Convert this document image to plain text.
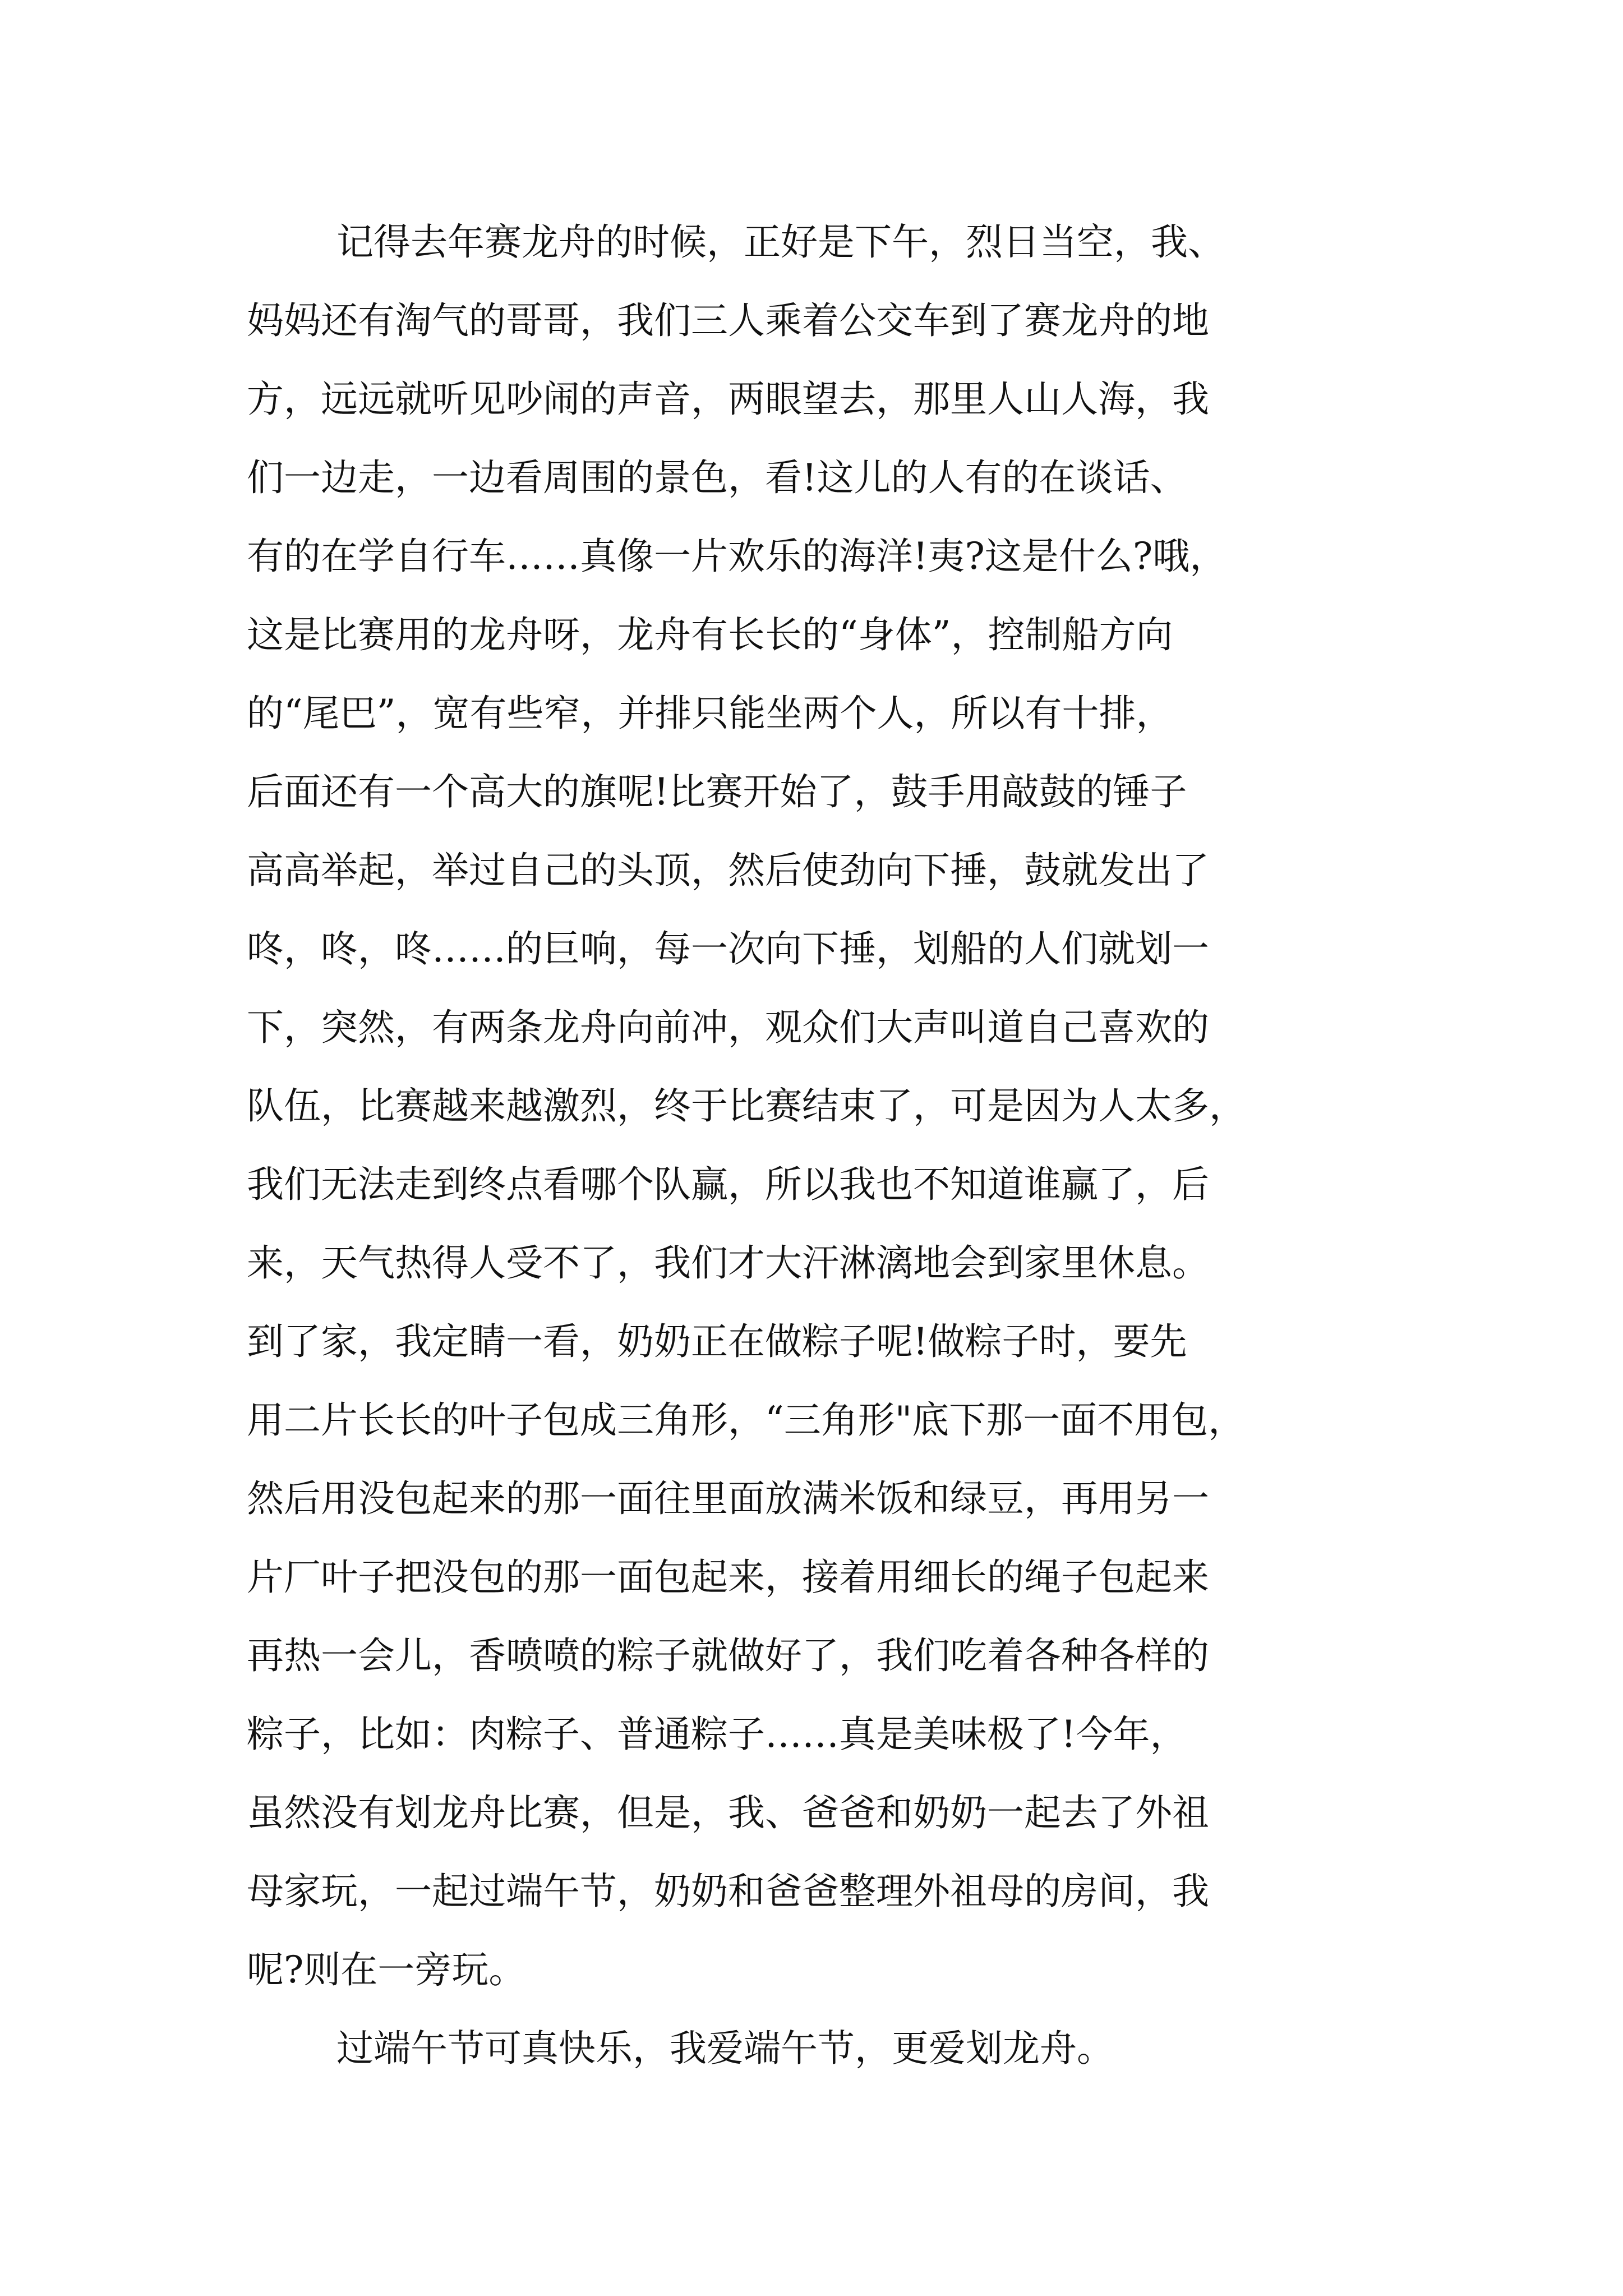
记得去年赛龙舟的时候，正好是下午，烈日当空，我、
妈妈还有淘气的哥哥，我们三人乘着公交车到了赛龙舟的地
方，远远就听见吵闹的声音，两眼望去，那里人山人海，我
们一边走，一边看周围的景色，看!这儿的人有的在谈话、
有的在学自行车……真像一片欢乐的海洋!夷?这是什么?哦，
这是比赛用的龙舟呀，龙舟有长长的“身体”，控制船方向
的“尾巴”，宽有些窄，并排只能坐两个人，所以有十排，
后面还有一个高大的旗呢!比赛开始了，鼓手用敲鼓的锤子
高高举起，举过自己的头顶，然后使劲向下捶，鼓就发出了
咚，咚，咚……的巨响，每一次向下捶，划船的人们就划一
下，突然，有两条龙舟向前冲，观众们大声叫道自己喜欢的
队伍，比赛越来越激烈，终于比赛结束了，可是因为人太多，
我们无法走到终点看哪个队赢，所以我也不知道谁赢了，后
来，天气热得人受不了，我们才大汗淋漓地会到家里休息。
到了家，我定睛一看，奶奶正在做粽子呢!做粽子时，要先
用二片长长的叶子包成三角形，“三角形"底下那一面不用包，
然后用没包起来的那一面往里面放满米饭和绿豆，再用另一
片厂叶子把没包的那一面包起来，接着用细长的绳子包起来
再热一会儿，香喷喷的粽子就做好了，我们吃着各种各样的
粽子，比如：肉粽子、普通粽子……真是美味极了!今年，
虽然没有划龙舟比赛，但是，我、爸爸和奶奶一起去了外祖
母家玩，一起过端午节，奶奶和爸爸整理外祖母的房间，我
呢?则在一旁玩。
过端午节可真快乐，我爱端午节，更爱划龙舟。
